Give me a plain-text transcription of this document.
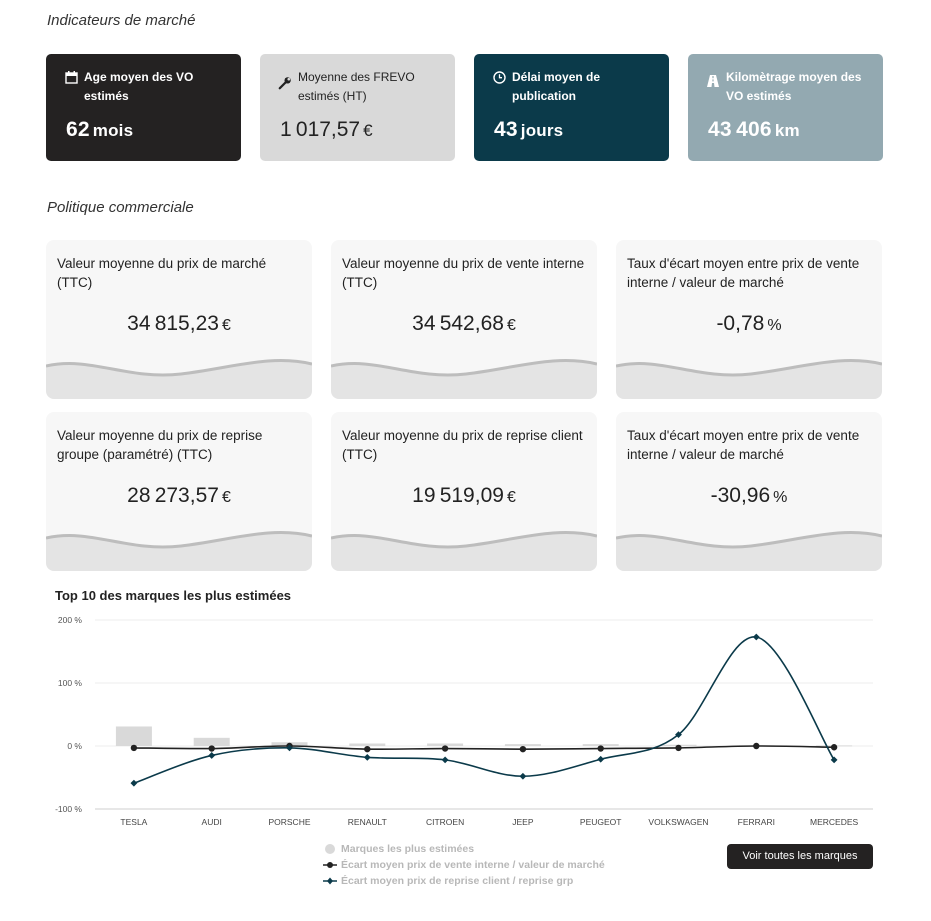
Indicateurs de marché
Age moyen des VO estimés
62 mois
Moyenne des FREVO estimés (HT)
1 017,57 €
Délai moyen de publication
43 jours
Kilomètrage moyen des VO estimés
43 406 km
Politique commerciale
Valeur moyenne du prix de marché (TTC)
34 815,23 €
Valeur moyenne du prix de vente interne (TTC)
34 542,68 €
Taux d'écart moyen entre prix de vente interne / valeur de marché
-0,78 %
Valeur moyenne du prix de reprise groupe (paramétré) (TTC)
28 273,57 €
Valeur moyenne du prix de reprise client (TTC)
19 519,09 €
Taux d'écart moyen entre prix de vente interne / valeur de marché
-30,96 %
Top 10 des marques les plus estimées
-100 %
0 %
100 %
200 %
TESLA	AUDI	PORSCHE	RENAULT	CITROEN	JEEP	PEUGEOT	VOLKSWAGEN	FERRARI	MERCEDES
Marques les plus estimées
Écart moyen prix de vente interne / valeur de marché
Écart moyen prix de reprise client / reprise grp
Voir toutes les marques
